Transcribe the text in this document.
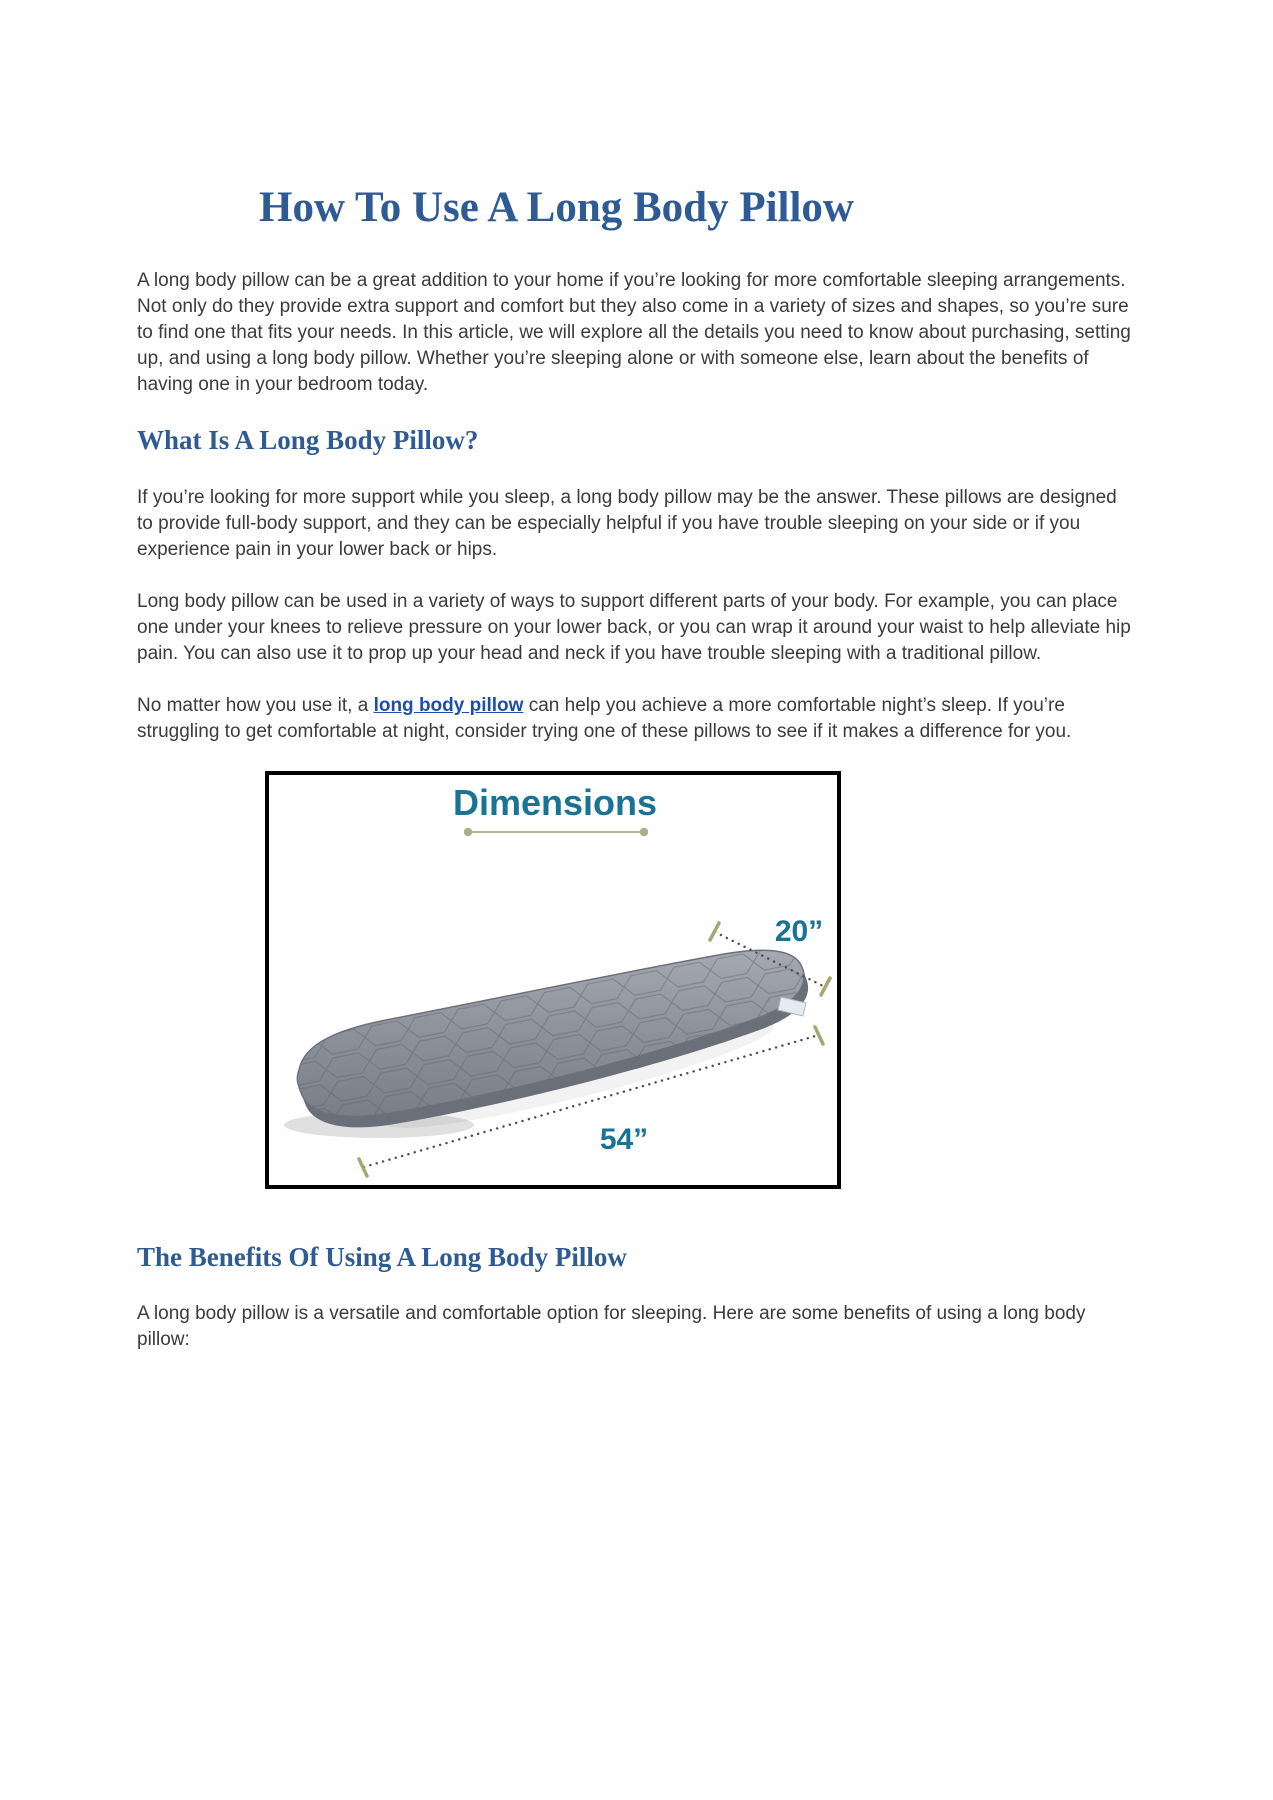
How To Use A Long Body Pillow

A long body pillow can be a great addition to your home if you’re looking for more comfortable sleeping arrangements. Not only do they provide extra support and comfort but they also come in a variety of sizes and shapes, so you’re sure to find one that fits your needs. In this article, we will explore all the details you need to know about purchasing, setting up, and using a long body pillow. Whether you’re sleeping alone or with someone else, learn about the benefits of having one in your bedroom today.

What Is A Long Body Pillow?

If you’re looking for more support while you sleep, a long body pillow may be the answer. These pillows are designed to provide full-body support, and they can be especially helpful if you have trouble sleeping on your side or if you experience pain in your lower back or hips.

Long body pillow can be used in a variety of ways to support different parts of your body. For example, you can place one under your knees to relieve pressure on your lower back, or you can wrap it around your waist to help alleviate hip pain. You can also use it to prop up your head and neck if you have trouble sleeping with a traditional pillow.

No matter how you use it, a long body pillow can help you achieve a more comfortable night’s sleep. If you’re struggling to get comfortable at night, consider trying one of these pillows to see if it makes a difference for you.

Dimensions
20”
54”
The Benefits Of Using A Long Body Pillow

A long body pillow is a versatile and comfortable option for sleeping. Here are some benefits of using a long body pillow:
